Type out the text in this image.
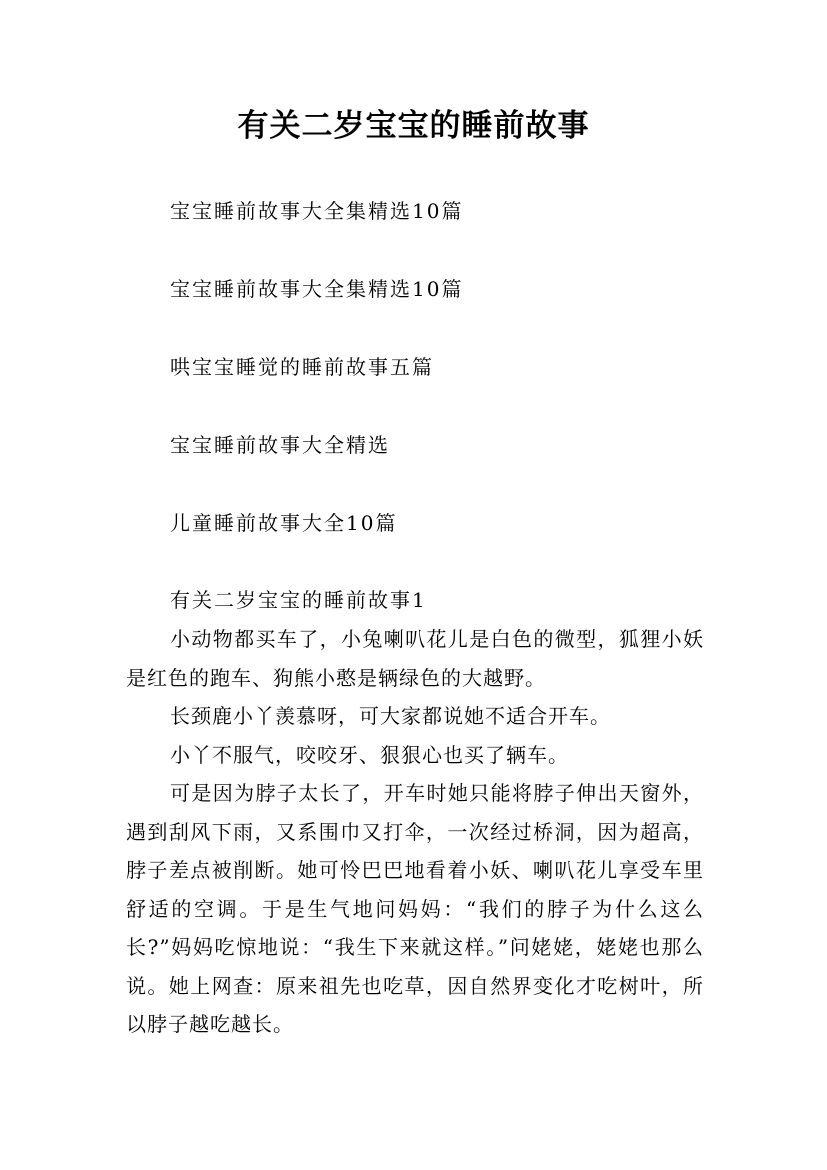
有关二岁宝宝的睡前故事
宝宝睡前故事大全集精选10篇
宝宝睡前故事大全集精选10篇
哄宝宝睡觉的睡前故事五篇
宝宝睡前故事大全精选
儿童睡前故事大全10篇
有关二岁宝宝的睡前故事1

小动物都买车了，小兔喇叭花儿是白色的微型，狐狸小妖是红色的跑车、狗熊小憨是辆绿色的大越野。

长颈鹿小丫羡慕呀，可大家都说她不适合开车。

小丫不服气，咬咬牙、狠狠心也买了辆车。

可是因为脖子太长了，开车时她只能将脖子伸出天窗外，遇到刮风下雨，又系围巾又打伞，一次经过桥洞，因为超高，脖子差点被削断。她可怜巴巴地看着小妖、喇叭花儿享受车里舒适的空调。于是生气地问妈妈：“我们的脖子为什么这么长?”妈妈吃惊地说：“我生下来就这样。”问姥姥，姥姥也那么说。她上网查：原来祖先也吃草，因自然界变化才吃树叶，所以脖子越吃越长。
